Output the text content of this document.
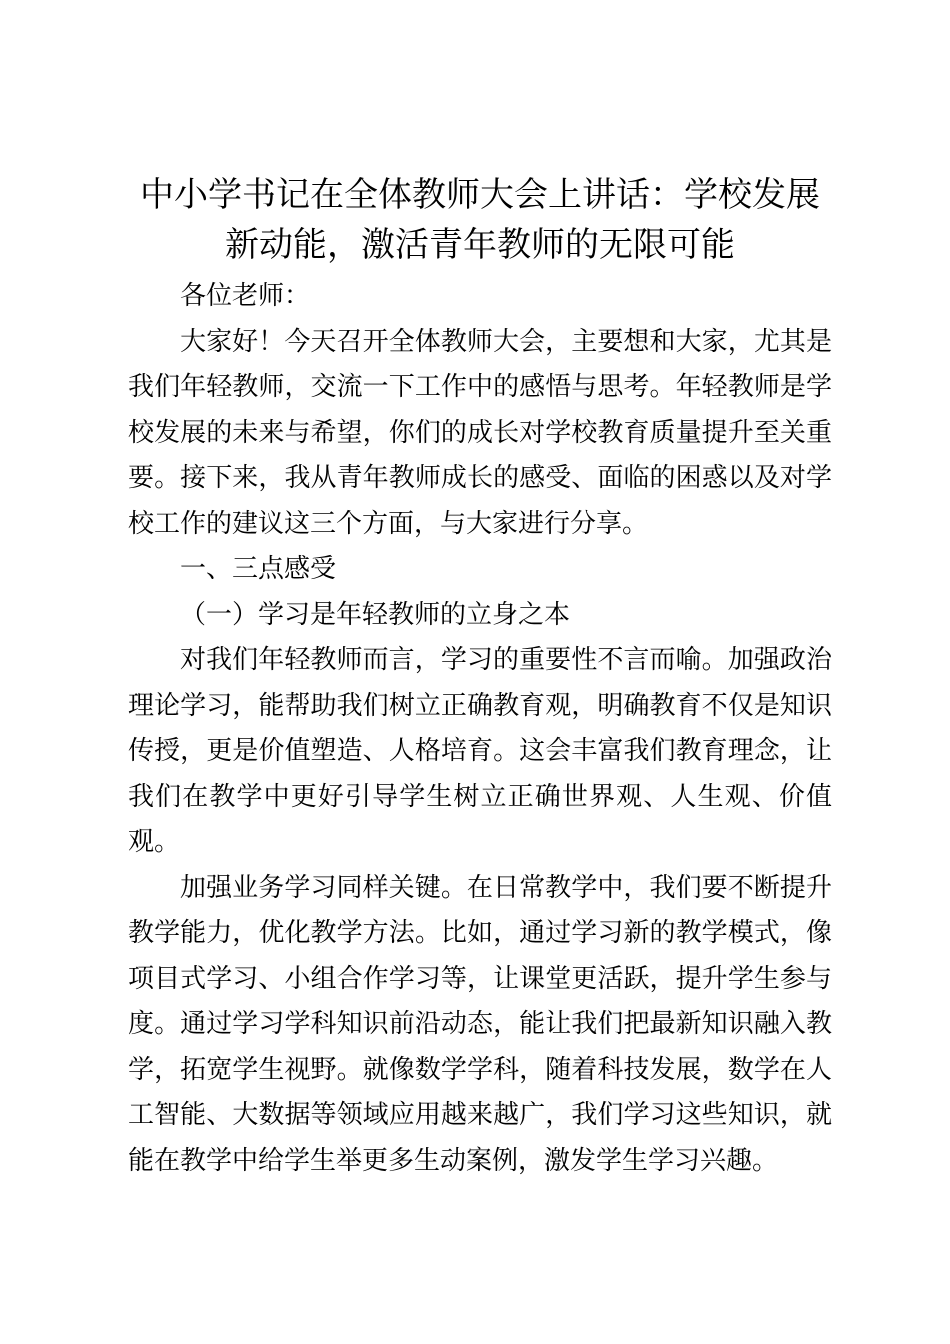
中小学书记在全体教师大会上讲话：学校发展新动能，激活青年教师的无限可能

各位老师：

大家好！今天召开全体教师大会，主要想和大家，尤其是我们年轻教师，交流一下工作中的感悟与思考。年轻教师是学校发展的未来与希望，你们的成长对学校教育质量提升至关重要。接下来，我从青年教师成长的感受、面临的困惑以及对学校工作的建议这三个方面，与大家进行分享。

一、三点感受

（一）学习是年轻教师的立身之本

对我们年轻教师而言，学习的重要性不言而喻。加强政治理论学习，能帮助我们树立正确教育观，明确教育不仅是知识传授，更是价值塑造、人格培育。这会丰富我们教育理念，让我们在教学中更好引导学生树立正确世界观、人生观、价值观。

加强业务学习同样关键。在日常教学中，我们要不断提升教学能力，优化教学方法。比如，通过学习新的教学模式，像项目式学习、小组合作学习等，让课堂更活跃，提升学生参与度。通过学习学科知识前沿动态，能让我们把最新知识融入教学，拓宽学生视野。就像数学学科，随着科技发展，数学在人工智能、大数据等领域应用越来越广，我们学习这些知识，就能在教学中给学生举更多生动案例，激发学生学习兴趣。
